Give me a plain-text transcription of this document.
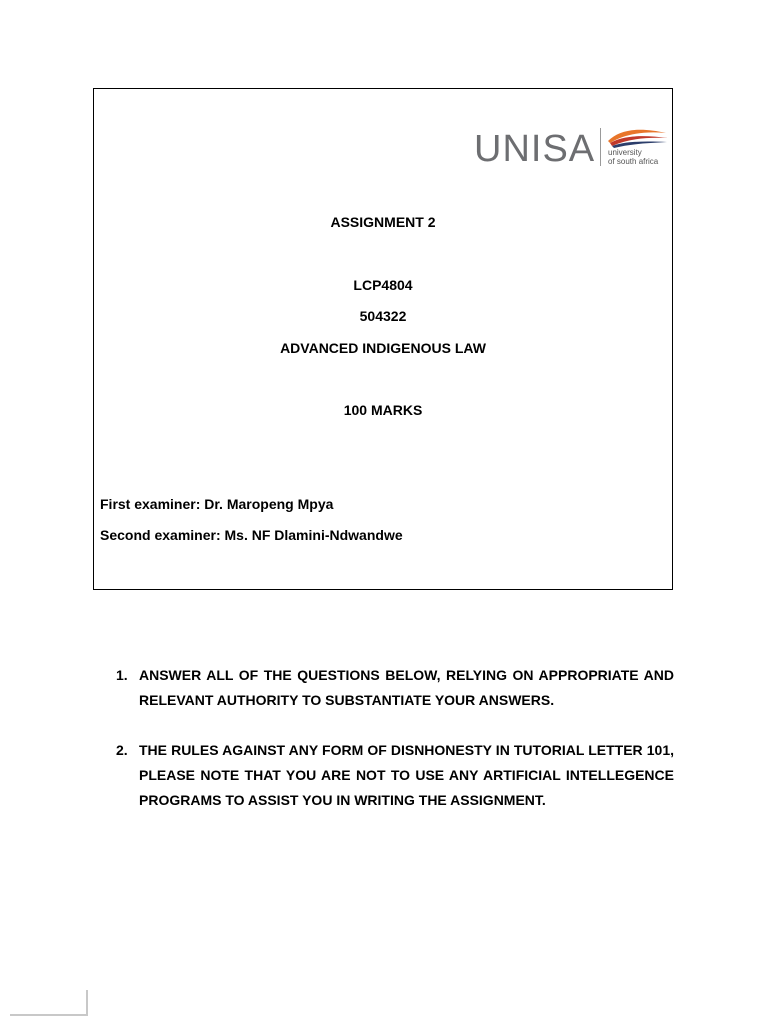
UNISA university
of south africa
ASSIGNMENT 2
LCP4804
504322
ADVANCED INDIGENOUS LAW
100 MARKS
First examiner: Dr. Maropeng Mpya
Second examiner: Ms. NF Dlamini-Ndwandwe
1. ANSWER ALL OF THE QUESTIONS BELOW, RELYING ON APPROPRIATE AND RELEVANT AUTHORITY TO SUBSTANTIATE YOUR ANSWERS.
2. THE RULES AGAINST ANY FORM OF DISNHONESTY IN TUTORIAL LETTER 101, PLEASE NOTE THAT YOU ARE NOT TO USE ANY ARTIFICIAL INTELLEGENCE PROGRAMS TO ASSIST YOU IN WRITING THE ASSIGNMENT.
